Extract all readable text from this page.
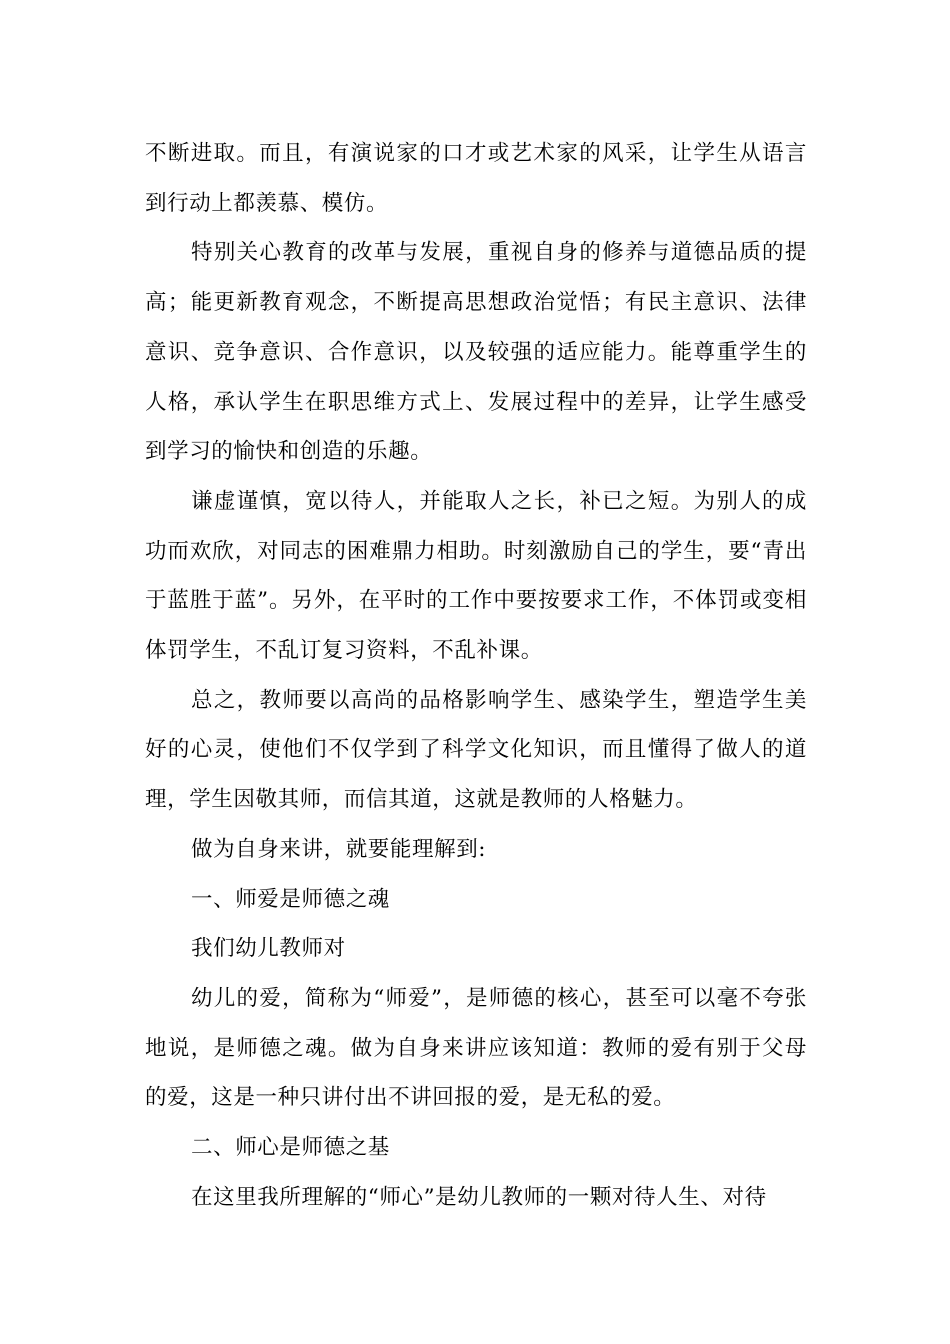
不断进取。而且，有演说家的口才或艺术家的风采，让学生从语言到行动上都羡慕、模仿。

特别关心教育的改革与发展，重视自身的修养与道德品质的提高；能更新教育观念，不断提高思想政治觉悟；有民主意识、法律意识、竞争意识、合作意识，以及较强的适应能力。能尊重学生的人格，承认学生在职思维方式上、发展过程中的差异，让学生感受到学习的愉快和创造的乐趣。

谦虚谨慎，宽以待人，并能取人之长，补已之短。为别人的成功而欢欣，对同志的困难鼎力相助。时刻激励自己的学生，要“青出于蓝胜于蓝”。另外，在平时的工作中要按要求工作，不体罚或变相体罚学生，不乱订复习资料，不乱补课。

总之，教师要以高尚的品格影响学生、感染学生，塑造学生美好的心灵，使他们不仅学到了科学文化知识，而且懂得了做人的道理，学生因敬其师，而信其道，这就是教师的人格魅力。

做为自身来讲，就要能理解到:

一、师爱是师德之魂

我们幼儿教师对

幼儿的爱，简称为“师爱”，是师德的核心，甚至可以毫不夸张地说，是师德之魂。做为自身来讲应该知道：教师的爱有别于父母的爱，这是一种只讲付出不讲回报的爱，是无私的爱。

二、师心是师德之基

在这里我所理解的“师心”是幼儿教师的一颗对待人生、对待
